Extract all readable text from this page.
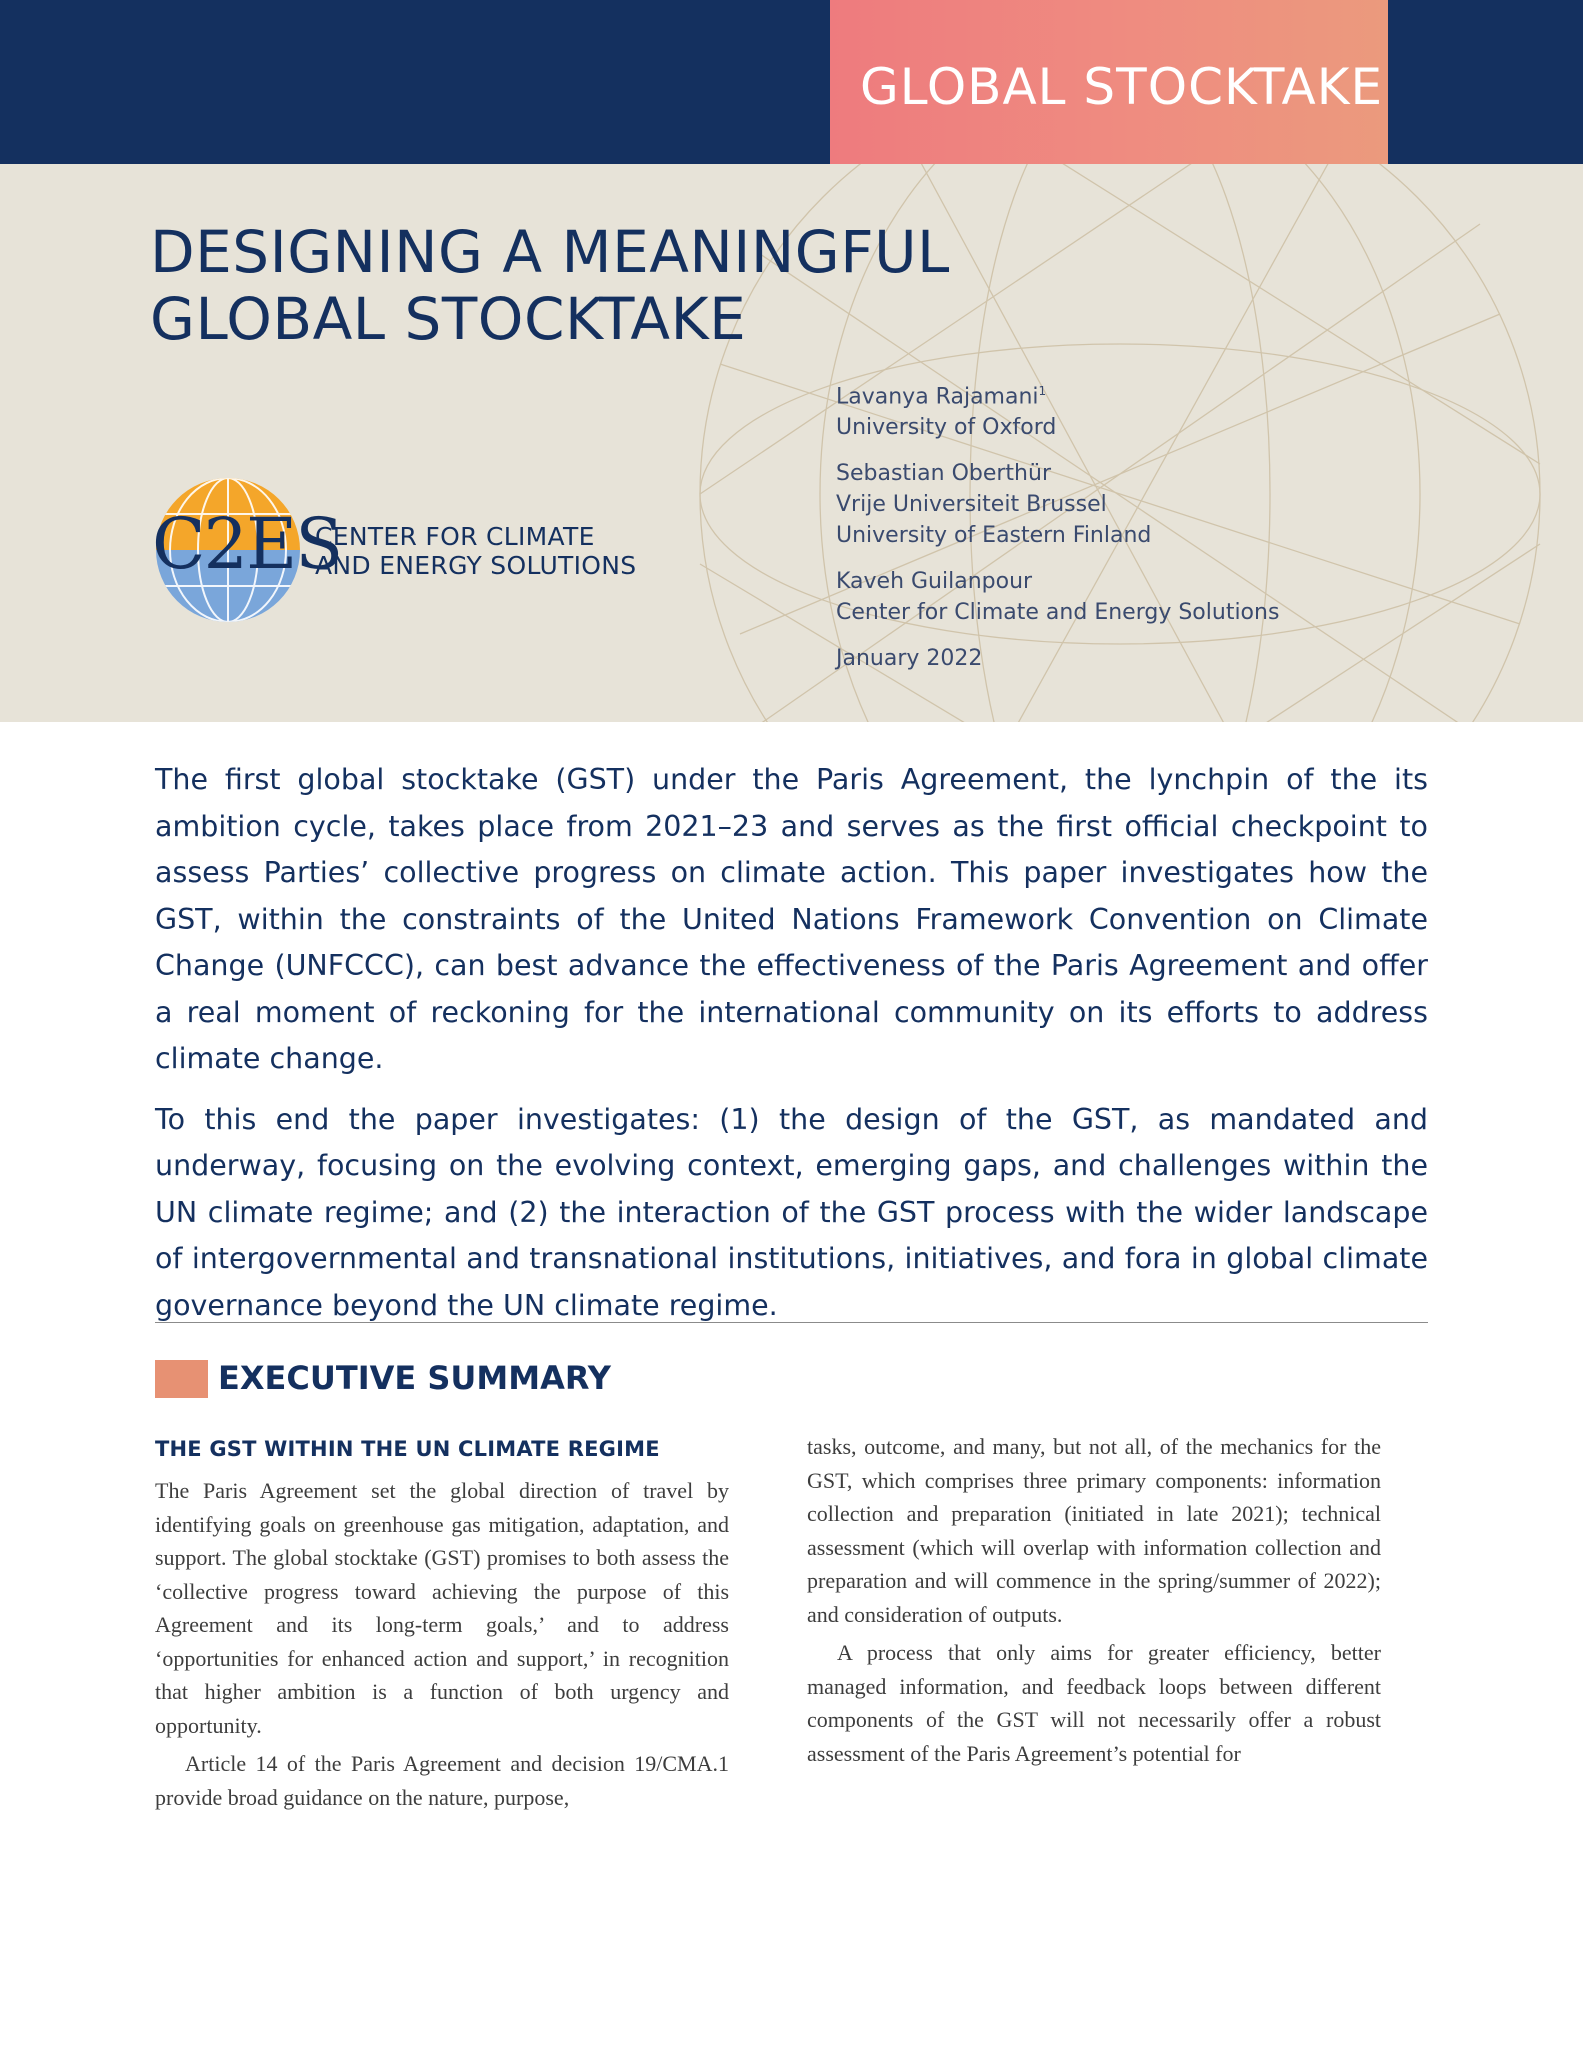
GLOBAL STOCKTAKE
DESIGNING A MEANINGFUL
GLOBAL STOCKTAKE
C2ES
CENTER FOR CLIMATE
AND ENERGY SOLUTIONS
Lavanya Rajamani$^1$
University of Oxford
Sebastian Oberthür
Vrije Universiteit Brussel
University of Eastern Finland
Kaveh Guilanpour
Center for Climate and Energy Solutions
January 2022

The first global stocktake (GST) under the Paris Agreement, the lynchpin of the its ambition cycle, takes place from 2021–23 and serves as the first official checkpoint to assess Parties’ collective progress on climate action. This paper investigates how the GST, within the constraints of the United Nations Framework Convention on Climate Change (UNFCCC), can best advance the effectiveness of the Paris Agreement and offer a real moment of reckoning for the international community on its efforts to address climate change.

To this end the paper investigates: (1) the design of the GST, as mandated and underway, focusing on the evolving context, emerging gaps, and challenges within the UN climate regime; and (2) the interaction of the GST process with the wider landscape of intergovernmental and transnational institutions, initiatives, and fora in global climate governance beyond the UN climate regime.

EXECUTIVE SUMMARY
THE GST WITHIN THE UN CLIMATE REGIME

The Paris Agreement set the global direction of travel by identifying goals on greenhouse gas mitigation, adaptation, and support. The global stocktake (GST) promises to both assess the ‘collective progress toward achieving the purpose of this Agreement and its long-term goals,’ and to address ‘opportunities for enhanced action and support,’ in recognition that higher ambition is a function of both urgency and opportunity.

Article 14 of the Paris Agreement and decision 19/CMA.1 provide broad guidance on the nature, purpose,

tasks, outcome, and many, but not all, of the mechanics for the GST, which comprises three primary components: information collection and preparation (initiated in late 2021); technical assessment (which will overlap with information collection and preparation and will commence in the spring/summer of 2022); and consideration of outputs.

A process that only aims for greater efficiency, better managed information, and feedback loops between different components of the GST will not necessarily offer a robust assessment of the Paris Agreement’s potential for
